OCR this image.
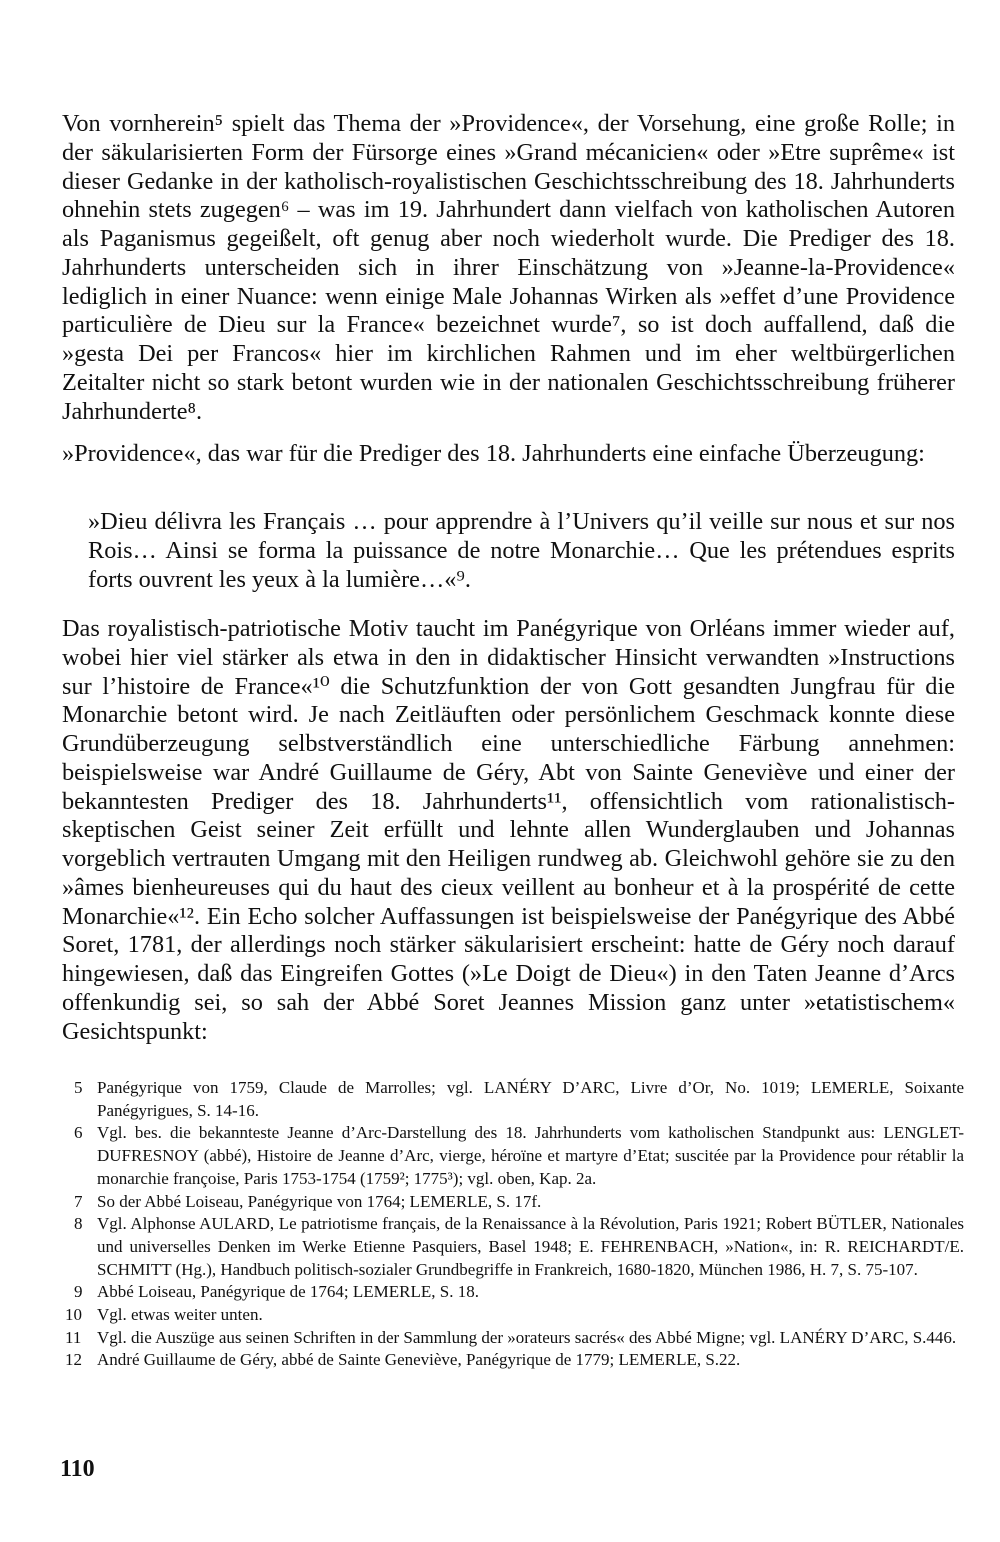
Von vornherein⁵ spielt das Thema der »Providence«, der Vorsehung, eine große Rolle; in der säkularisierten Form der Fürsorge eines »Grand mécanicien« oder »Etre suprême« ist dieser Gedanke in der katholisch-royalistischen Geschichtsschreibung des 18. Jahrhunderts ohnehin stets zugegen⁶ – was im 19. Jahrhundert dann vielfach von katholischen Autoren als Paganismus gegeißelt, oft genug aber noch wiederholt wurde. Die Prediger des 18. Jahrhunderts unterscheiden sich in ihrer Einschätzung von »Jeanne-la-Providence« lediglich in einer Nuance: wenn einige Male Johannas Wirken als »effet d’une Providence particulière de Dieu sur la France« bezeichnet wurde⁷, so ist doch auffallend, daß die »gesta Dei per Francos« hier im kirchlichen Rahmen und im eher weltbürgerlichen Zeitalter nicht so stark betont wurden wie in der nationalen Geschichtsschreibung früherer Jahrhunderte⁸.

»Providence«, das war für die Prediger des 18. Jahrhunderts eine einfache Überzeugung:

»Dieu délivra les Français … pour apprendre à l’Univers qu’il veille sur nous et sur nos Rois… Ainsi se forma la puissance de notre Monarchie… Que les prétendues esprits forts ouvrent les yeux à la lumière…«⁹.

Das royalistisch-patriotische Motiv taucht im Panégyrique von Orléans immer wieder auf, wobei hier viel stärker als etwa in den in didaktischer Hinsicht verwandten »Instructions sur l’histoire de France«¹⁰ die Schutzfunktion der von Gott gesandten Jungfrau für die Monarchie betont wird. Je nach Zeitläuften oder persönlichem Geschmack konnte diese Grundüberzeugung selbstverständlich eine unterschiedliche Färbung annehmen: beispielsweise war André Guillaume de Géry, Abt von Sainte Geneviève und einer der bekanntesten Prediger des 18. Jahrhunderts¹¹, offensichtlich vom rationalistisch-skeptischen Geist seiner Zeit erfüllt und lehnte allen Wunderglauben und Johannas vorgeblich vertrauten Umgang mit den Heiligen rundweg ab. Gleichwohl gehöre sie zu den »âmes bienheureuses qui du haut des cieux veillent au bonheur et à la prospérité de cette Monarchie«¹². Ein Echo solcher Auffassungen ist beispielsweise der Panégyrique des Abbé Soret, 1781, der allerdings noch stärker säkularisiert erscheint: hatte de Géry noch darauf hingewiesen, daß das Eingreifen Gottes (»Le Doigt de Dieu«) in den Taten Jeanne d’Arcs offenkundig sei, so sah der Abbé Soret Jeannes Mission ganz unter »etatistischem« Gesichtspunkt:

5 Panégyrique von 1759, Claude de Marrolles; vgl. LANÉRY D’ARC, Livre d’Or, No. 1019; LEMERLE, Soixante Panégyrigues, S. 14-16.
6 Vgl. bes. die bekannteste Jeanne d’Arc-Darstellung des 18. Jahrhunderts vom katholischen Standpunkt aus: LENGLET-DUFRESNOY (abbé), Histoire de Jeanne d’Arc, vierge, héroïne et martyre d’Etat; suscitée par la Providence pour rétablir la monarchie françoise, Paris 1753-1754 (1759²; 1775³); vgl. oben, Kap. 2a.
7 So der Abbé Loiseau, Panégyrique von 1764; LEMERLE, S. 17f.
8 Vgl. Alphonse AULARD, Le patriotisme français, de la Renaissance à la Révolution, Paris 1921; Robert BÜTLER, Nationales und universelles Denken im Werke Etienne Pasquiers, Basel 1948; E. FEHRENBACH, »Nation«, in: R. REICHARDT/E. SCHMITT (Hg.), Handbuch politisch-sozialer Grundbegriffe in Frankreich, 1680-1820, München 1986, H. 7, S. 75-107.
9 Abbé Loiseau, Panégyrique de 1764; LEMERLE, S. 18.
10 Vgl. etwas weiter unten.
11 Vgl. die Auszüge aus seinen Schriften in der Sammlung der »orateurs sacrés« des Abbé Migne; vgl. LANÉRY D’ARC, S.446.
12 André Guillaume de Géry, abbé de Sainte Geneviève, Panégyrique de 1779; LEMERLE, S.22.
110
